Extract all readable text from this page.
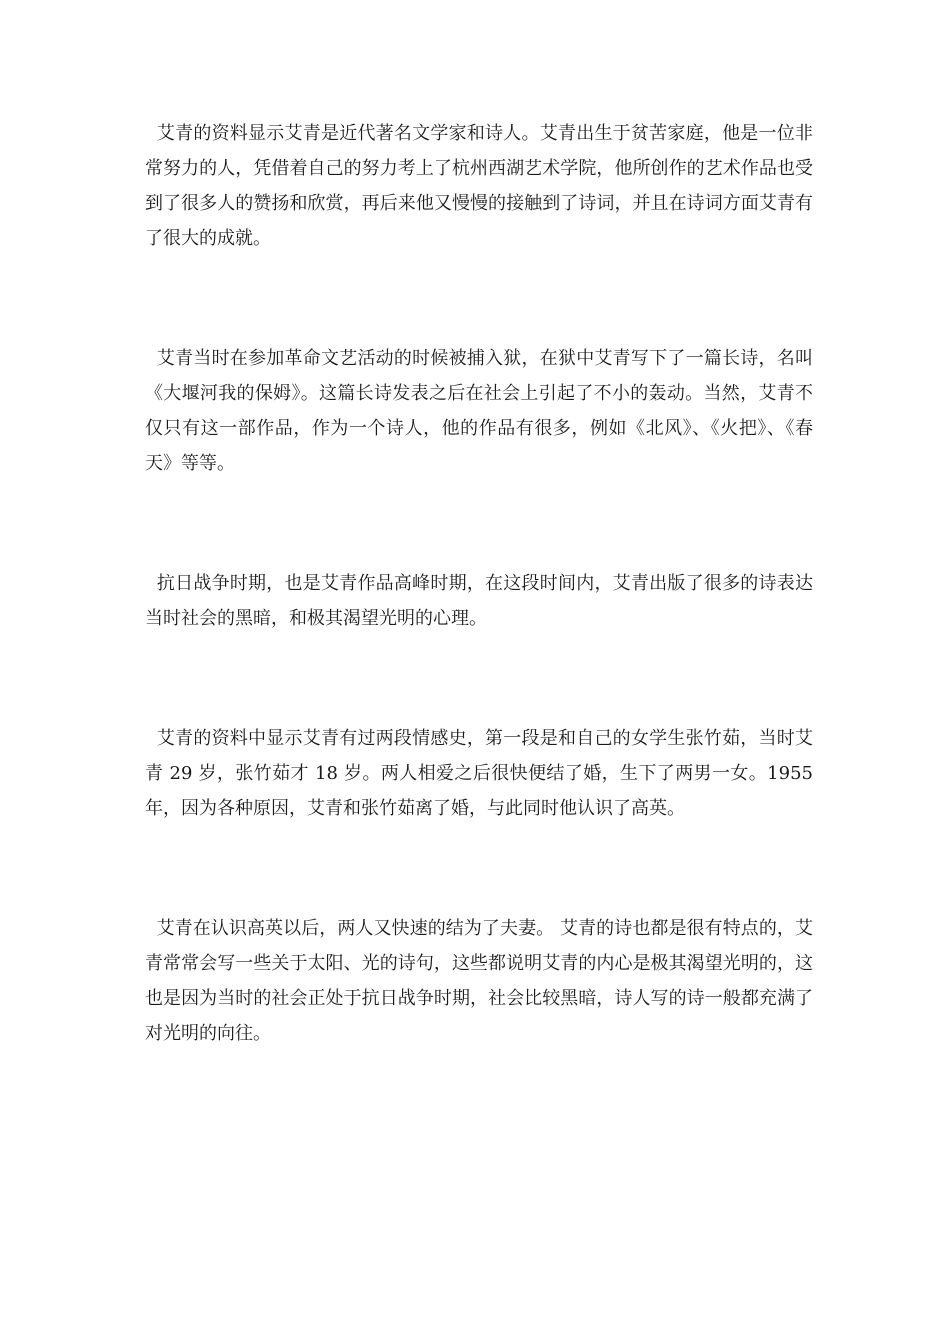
艾青的资料显示艾青是近代著名文学家和诗人。艾青出生于贫苦家庭，他是一位非常努力的人，凭借着自己的努力考上了杭州西湖艺术学院，他所创作的艺术作品也受到了很多人的赞扬和欣赏，再后来他又慢慢的接触到了诗词，并且在诗词方面艾青有了很大的成就。

艾青当时在参加革命文艺活动的时候被捕入狱，在狱中艾青写下了一篇长诗，名叫《大堰河我的保姆》。这篇长诗发表之后在社会上引起了不小的轰动。当然，艾青不仅只有这一部作品，作为一个诗人，他的作品有很多，例如《北风》、《火把》、《春天》等等。

抗日战争时期，也是艾青作品高峰时期，在这段时间内，艾青出版了很多的诗表达当时社会的黑暗，和极其渴望光明的心理。

艾青的资料中显示艾青有过两段情感史，第一段是和自己的女学生张竹茹，当时艾青 29 岁，张竹茹才 18 岁。两人相爱之后很快便结了婚，生下了两男一女。1955 年，因为各种原因，艾青和张竹茹离了婚，与此同时他认识了高英。

艾青在认识高英以后，两人又快速的结为了夫妻。 艾青的诗也都是很有特点的，艾青常常会写一些关于太阳、光的诗句，这些都说明艾青的内心是极其渴望光明的，这也是因为当时的社会正处于抗日战争时期，社会比较黑暗，诗人写的诗一般都充满了对光明的向往。
